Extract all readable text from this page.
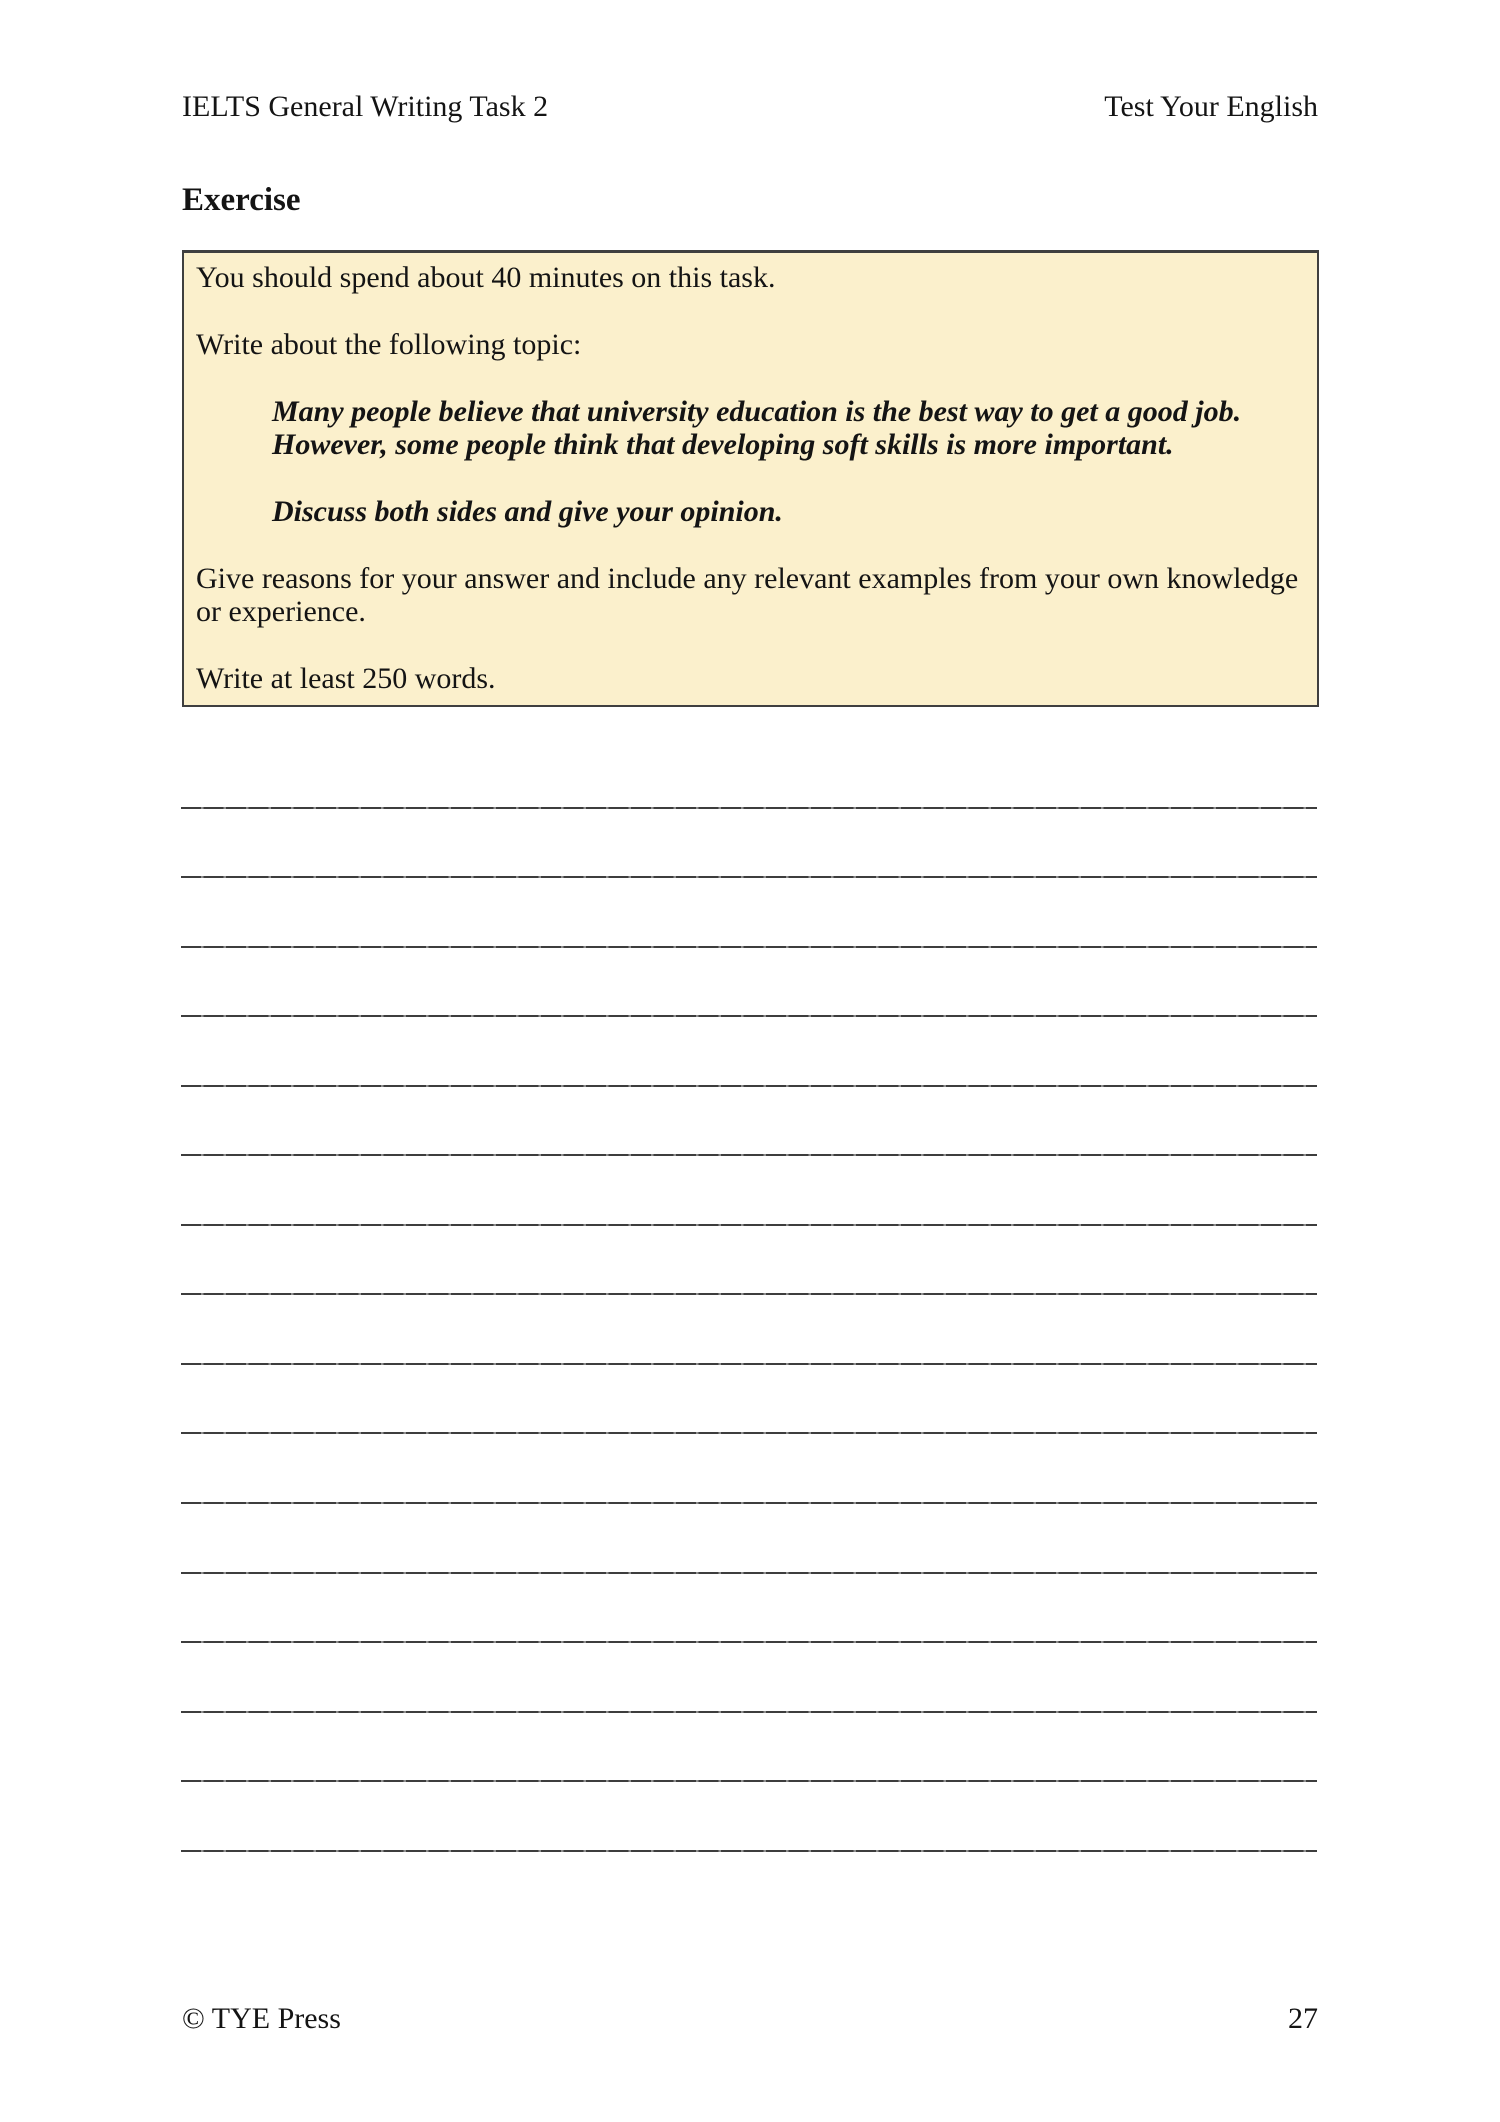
IELTS General Writing Task 2	Test Your English
Exercise

You should spend about 40 minutes on this task.

Write about the following topic:

Many people believe that university education is the best way to get a good job.
However, some people think that developing soft skills is more important.

Discuss both sides and give your opinion.

Give reasons for your answer and include any relevant examples from your own knowledge or experience.

Write at least 250 words.

© TYE Press	27
